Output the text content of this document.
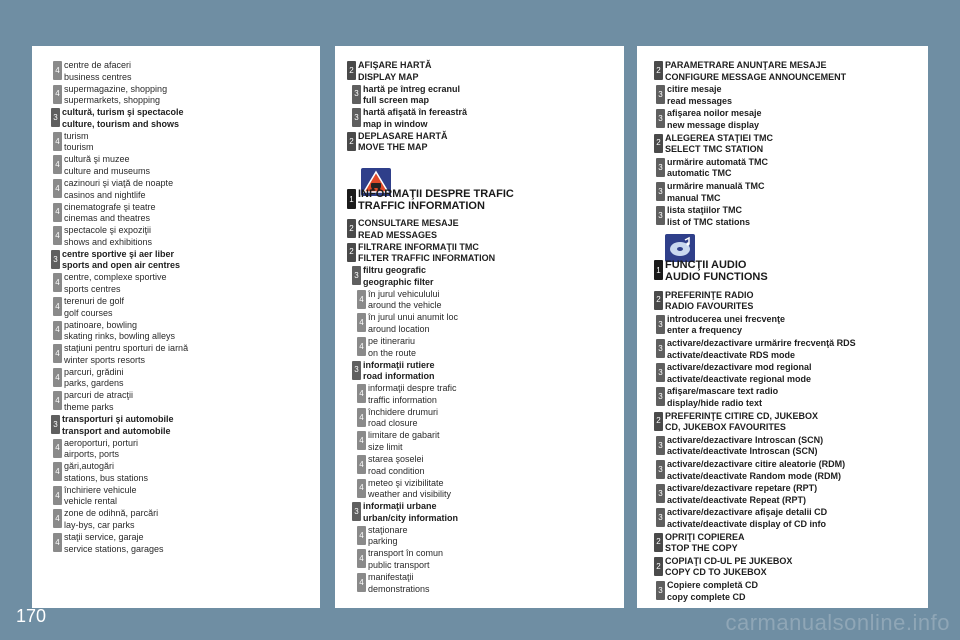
4
centre de afaceri
business centres
4
supermagazine, shopping
supermarkets, shopping
3
cultură, turism şi spectacole
culture, tourism and shows
4
turism
tourism
4
cultură şi muzee
culture and museums
4
cazinouri şi viaţă de noapte
casinos and nightlife
4
cinematografe şi teatre
cinemas and theatres
4
spectacole şi expoziţii
shows and exhibitions
3
centre sportive şi aer liber
sports and open air centres
4
centre, complexe sportive
sports centres
4
terenuri de golf
golf courses
4
patinoare, bowling
skating rinks, bowling alleys
4
staţiuni pentru sporturi de iarnă
winter sports resorts
4
parcuri, grădini
parks, gardens
4
parcuri de atracţii
theme parks
3
transporturi şi automobile
transport and automobile
4
aeroporturi, porturi
airports, ports
4
gări,autogări
stations, bus stations
4
închiriere vehicule
vehicle rental
4
zone de odihnă, parcări
lay-bys, car parks
4
staţii service, garaje
service stations, garages
2
AFIŞARE HARTĂ
DISPLAY MAP
3
hartă pe întreg ecranul
full screen map
3
hartă afişată în fereastră
map in window
2
DEPLASARE HARTĂ
MOVE THE MAP
1 INFORMAŢII DESPRE TRAFIC
TRAFFIC INFORMATION
2
CONSULTARE MESAJE
READ MESSAGES
2
FILTRARE INFORMAŢII TMC
FILTER TRAFFIC INFORMATION
3
filtru geografic
geographic filter
4
în jurul vehiculului
around the vehicle
4
în jurul unui anumit loc
around location
4
pe itinerariu
on the route
3
informaţii rutiere
road information
4
informaţii despre trafic
traffic information
4
închidere drumuri
road closure
4
limitare de gabarit
size limit
4
starea şoselei
road condition
4
meteo şi vizibilitate
weather and visibility
3
informaţii urbane
urban/city information
4
staţionare
parking
4
transport în comun
public transport
4
manifestaţii
demonstrations
2
PARAMETRARE ANUNŢARE MESAJE
CONFIGURE MESSAGE ANNOUNCEMENT
3
citire mesaje
read messages
3
afişarea noilor mesaje
new message display
2
ALEGEREA STAŢIEI TMC
SELECT TMC STATION
3
urmărire automată TMC
automatic TMC
3
urmărire manuală TMC
manual TMC
3
lista staţiilor TMC
list of TMC stations
1 FUNCŢII AUDIO
AUDIO FUNCTIONS
2
PREFERINŢE RADIO
RADIO FAVOURITES
3
introducerea unei frecvenţe
enter a frequency
3
activare/dezactivare urmărire frecvenţă RDS
activate/deactivate RDS mode
3
activare/dezactivare mod regional
activate/deactivate regional mode
3
afişare/mascare text radio
display/hide radio text
2
PREFERINŢE CITIRE CD, JUKEBOX
CD, JUKEBOX FAVOURITES
3
activare/dezactivare Introscan (SCN)
activate/deactivate Introscan (SCN)
3
activare/dezactivare citire aleatorie (RDM)
activate/deactivate Random mode (RDM)
3
activare/dezactivare repetare (RPT)
activate/deactivate Repeat (RPT)
3
activare/dezactivare afişaje detalii CD
activate/deactivate display of CD info
2
OPRIŢI COPIEREA
STOP THE COPY
2
COPIAŢI CD-UL PE JUKEBOX
COPY CD TO JUKEBOX
3
Copiere completă CD
copy complete CD
170	carmanualsonline.info
